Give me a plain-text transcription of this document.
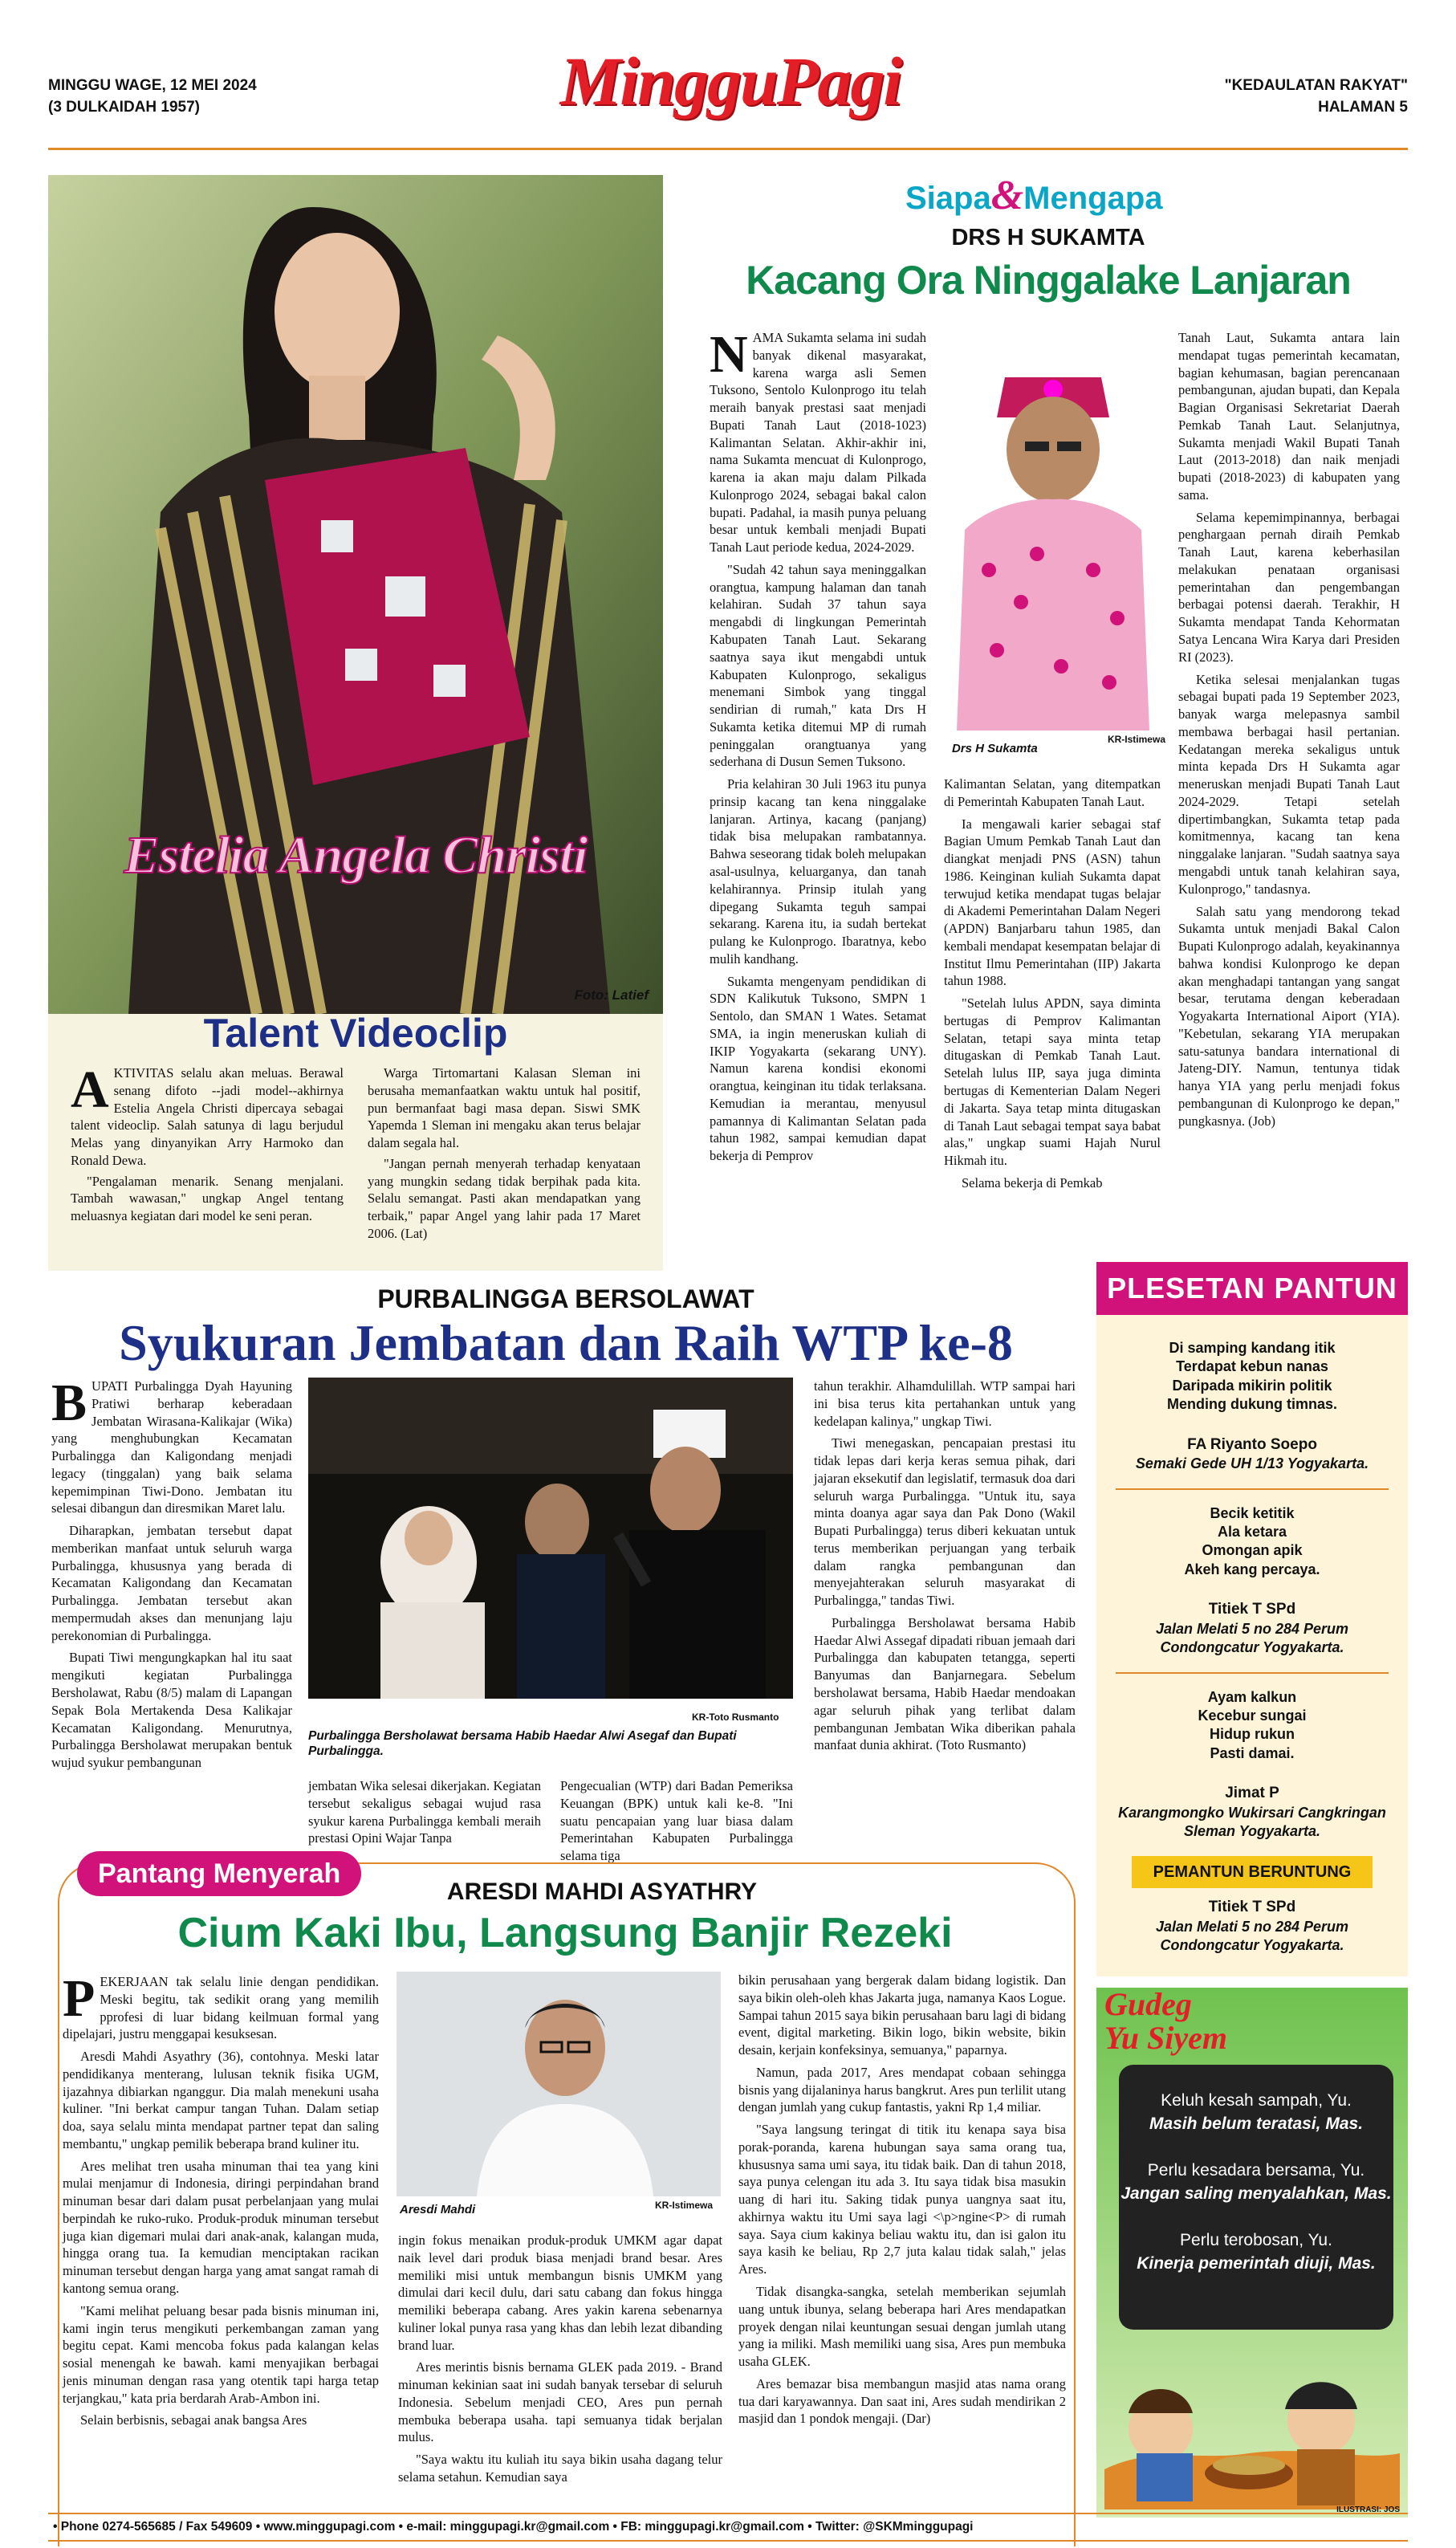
MINGGU WAGE, 12 MEI 2024
(3 DULKAIDAH 1957)	MingguPagi	"KEDAULATAN RAKYAT"
HALAMAN 5
Estelia Angela Christi
Foto: Latief
Talent Videoclip

AKTIVITAS selalu akan meluas. Berawal senang difoto --jadi model--akhirnya Estelia Angela Christi dipercaya sebagai talent videoclip. Salah satunya di lagu berjudul Melas yang dinyanyikan Arry Harmoko dan Ronald Dewa.

"Pengalaman menarik. Senang menjalani. Tambah wawasan," ungkap Angel tentang meluasnya kegiatan dari model ke seni peran.

Warga Tirtomartani Kalasan Sleman ini berusaha memanfaatkan waktu untuk hal positif, pun bermanfaat bagi masa depan. Siswi SMK Yapemda 1 Sleman ini mengaku akan terus belajar dalam segala hal.

"Jangan pernah menyerah terhadap kenyataan yang mungkin sedang tidak berpihak pada kita. Selalu semangat. Pasti akan mendapatkan yang terbaik," papar Angel yang lahir pada 17 Maret 2006. (Lat)

Siapa&Mengapa
DRS H SUKAMTA
Kacang Ora Ninggalake Lanjaran

NAMA Sukamta selama ini sudah banyak dikenal masyarakat, karena warga asli Semen Tuksono, Sentolo Kulonprogo itu telah meraih banyak prestasi saat menjadi Bupati Tanah Laut (2018-1023) Kalimantan Selatan. Akhir-akhir ini, nama Sukamta mencuat di Kulonprogo, karena ia akan maju dalam Pilkada Kulonprogo 2024, sebagai bakal calon bupati. Padahal, ia masih punya peluang besar untuk kembali menjadi Bupati Tanah Laut periode kedua, 2024-2029.

"Sudah 42 tahun saya meninggalkan orangtua, kampung halaman dan tanah kelahiran. Sudah 37 tahun saya mengabdi di lingkungan Pemerintah Kabupaten Tanah Laut. Sekarang saatnya saya ikut mengabdi untuk Kabupaten Kulonprogo, sekaligus menemani Simbok yang tinggal sendirian di rumah," kata Drs H Sukamta ketika ditemui MP di rumah peninggalan orangtuanya yang sederhana di Dusun Semen Tuksono.

Pria kelahiran 30 Juli 1963 itu punya prinsip kacang tan kena ninggalake lanjaran. Artinya, kacang (panjang) tidak bisa melupakan rambatannya. Bahwa seseorang tidak boleh melupakan asal-usulnya, keluarganya, dan tanah kelahirannya. Prinsip itulah yang dipegang Sukamta teguh sampai sekarang. Karena itu, ia sudah bertekat pulang ke Kulonprogo. Ibaratnya, kebo mulih kandhang.

Sukamta mengenyam pendidikan di SDN Kalikutuk Tuksono, SMPN 1 Sentolo, dan SMAN 1 Wates. Setamat SMA, ia ingin meneruskan kuliah di IKIP Yogyakarta (sekarang UNY). Namun karena kondisi ekonomi orangtua, keinginan itu tidak terlaksana. Kemudian ia merantau, menyusul pamannya di Kalimantan Selatan pada tahun 1982, sampai kemudian dapat bekerja di Pemprov

Drs H Sukamta
KR-Istimewa

Kalimantan Selatan, yang ditempatkan di Pemerintah Kabupaten Tanah Laut.

Ia mengawali karier sebagai staf Bagian Umum Pemkab Tanah Laut dan diangkat menjadi PNS (ASN) tahun 1986. Keinginan kuliah Sukamta dapat terwujud ketika mendapat tugas belajar di Akademi Pemerintahan Dalam Negeri (APDN) Banjarbaru tahun 1985, dan kembali mendapat kesempatan belajar di Institut Ilmu Pemerintahan (IIP) Jakarta tahun 1988.

"Setelah lulus APDN, saya diminta bertugas di Pemprov Kalimantan Selatan, tetapi saya minta tetap ditugaskan di Pemkab Tanah Laut. Setelah lulus IIP, saya juga diminta bertugas di Kementerian Dalam Negeri di Jakarta. Saya tetap minta ditugaskan di Tanah Laut sebagai tempat saya babat alas," ungkap suami Hajah Nurul Hikmah itu.

Selama bekerja di Pemkab

Tanah Laut, Sukamta antara lain mendapat tugas pemerintah kecamatan, bagian kehumasan, bagian perencanaan pembangunan, ajudan bupati, dan Kepala Bagian Organisasi Sekretariat Daerah Pemkab Tanah Laut. Selanjutnya, Sukamta menjadi Wakil Bupati Tanah Laut (2013-2018) dan naik menjadi bupati (2018-2023) di kabupaten yang sama.

Selama kepemimpinannya, berbagai penghargaan pernah diraih Pemkab Tanah Laut, karena keberhasilan melakukan penataan organisasi pemerintahan dan pengembangan berbagai potensi daerah. Terakhir, H Sukamta mendapat Tanda Kehormatan Satya Lencana Wira Karya dari Presiden RI (2023).

Ketika selesai menjalankan tugas sebagai bupati pada 19 September 2023, banyak warga melepasnya sambil membawa berbagai hasil pertanian. Kedatangan mereka sekaligus untuk minta kepada Drs H Sukamta agar meneruskan menjadi Bupati Tanah Laut 2024-2029. Tetapi setelah dipertimbangkan, Sukamta tetap pada komitmennya, kacang tan kena ninggalake lanjaran. "Sudah saatnya saya mengabdi untuk tanah kelahiran saya, Kulonprogo," tandasnya.

Salah satu yang mendorong tekad Sukamta untuk menjadi Bakal Calon Bupati Kulonprogo adalah, keyakinannya bahwa kondisi Kulonprogo ke depan akan menghadapi tantangan yang sangat besar, terutama dengan keberadaan Yogyakarta International Aiport (YIA). "Kebetulan, sekarang YIA merupakan satu-satunya bandara international di Jateng-DIY. Namun, tentunya tidak hanya YIA yang perlu menjadi fokus pembangunan di Kulonprogo ke depan," pungkasnya. (Job)

PURBALINGGA BERSOLAWAT
Syukuran Jembatan dan Raih WTP ke-8

BUPATI Purbalingga Dyah Hayuning Pratiwi berharap keberadaan Jembatan Wirasana-Kalikajar (Wika) yang menghubungkan Kecamatan Purbalingga dan Kaligondang menjadi legacy (tinggalan) yang baik selama kepemimpinan Tiwi-Dono. Jembatan itu selesai dibangun dan diresmikan Maret lalu.

Diharapkan, jembatan tersebut dapat memberikan manfaat untuk seluruh warga Purbalingga, khususnya yang berada di Kecamatan Kaligondang dan Kecamatan Purbalingga. Jembatan tersebut akan mempermudah akses dan menunjang laju perekonomian di Purbalingga.

Bupati Tiwi mengungkapkan hal itu saat mengikuti kegiatan Purbalingga Bersholawat, Rabu (8/5) malam di Lapangan Sepak Bola Mertakenda Desa Kalikajar Kecamatan Kaligondang. Menurutnya, Purbalingga Bersholawat merupakan bentuk wujud syukur pembangunan

Purbalingga Bersholawat bersama Habib Haedar Alwi Asegaf dan Bupati Purbalingga.
KR-Toto Rusmanto

jembatan Wika selesai dikerjakan. Kegiatan tersebut sekaligus sebagai wujud rasa syukur karena Purbalingga kembali meraih prestasi Opini Wajar Tanpa

Pengecualian (WTP) dari Badan Pemeriksa Keuangan (BPK) untuk kali ke-8. "Ini suatu pencapaian yang luar biasa dalam Pemerintahan Kabupaten Purbalingga selama tiga

tahun terakhir. Alhamdulillah. WTP sampai hari ini bisa terus kita pertahankan untuk yang kedelapan kalinya," ungkap Tiwi.

Tiwi menegaskan, pencapaian prestasi itu tidak lepas dari kerja keras semua pihak, dari jajaran eksekutif dan legislatif, termasuk doa dari seluruh warga Purbalingga. "Untuk itu, saya minta doanya agar saya dan Pak Dono (Wakil Bupati Purbalingga) terus diberi kekuatan untuk terus memberikan perjuangan yang terbaik dalam rangka pembangunan dan menyejahterakan seluruh masyarakat di Purbalingga," tandas Tiwi.

Purbalingga Bersholawat bersama Habib Haedar Alwi Assegaf dipadati ribuan jemaah dari Purbalingga dan kabupaten tetangga, seperti Banyumas dan Banjarnegara. Sebelum bersholawat bersama, Habib Haedar mendoakan agar seluruh pihak yang terlibat dalam pembangunan Jembatan Wika diberikan pahala manfaat dunia akhirat. (Toto Rusmanto)

PLESETAN PANTUN
Di samping kandang itik
Terdapat kebun nanas
Daripada mikirin politik
Mending dukung timnas.
FA Riyanto Soepo
Semaki Gede UH 1/13 Yogyakarta.
Becik ketitik
Ala ketara
Omongan apik
Akeh kang percaya.
Titiek T SPd
Jalan Melati 5 no 284 Perum Condongcatur Yogyakarta.
Ayam kalkun
Kecebur sungai
Hidup rukun
Pasti damai.
Jimat P
Karangmongko Wukirsari Cangkringan Sleman Yogyakarta.
PEMANTUN BERUNTUNG
Titiek T SPd
Jalan Melati 5 no 284 Perum Condongcatur Yogyakarta.
Pantang Menyerah
ARESDI MAHDI ASYATHRY
Cium Kaki Ibu, Langsung Banjir Rezeki

PEKERJAAN tak selalu linie dengan pendidikan. Meski begitu, tak sedikit orang yang memilih pprofesi di luar bidang keilmuan formal yang dipelajari, justru menggapai kesuksesan.

Aresdi Mahdi Asyathry (36), contohnya. Meski latar pendidikanya menterang, lulusan teknik fisika UGM, ijazahnya dibiarkan nganggur. Dia malah menekuni usaha kuliner. "Ini berkat campur tangan Tuhan. Dalam setiap doa, saya selalu minta mendapat partner tepat dan saling membantu," ungkap pemilik beberapa brand kuliner itu.

Ares melihat tren usaha minuman thai tea yang kini mulai menjamur di Indonesia, diringi perpindahan brand minuman besar dari dalam pusat perbelanjaan yang mulai berpindah ke ruko-ruko. Produk-produk minuman tersebut juga kian digemari mulai dari anak-anak, kalangan muda, hingga orang tua. Ia kemudian menciptakan racikan minuman tersebut dengan harga yang amat sangat ramah di kantong semua orang.

"Kami melihat peluang besar pada bisnis minuman ini, kami ingin terus mengikuti perkembangan zaman yang begitu cepat. Kami mencoba fokus pada kalangan kelas sosial menengah ke bawah. kami menyajikan berbagai jenis minuman dengan rasa yang otentik tapi harga tetap terjangkau," kata pria berdarah Arab-Ambon ini.

Selain berbisnis, sebagai anak bangsa Ares

Aresdi Mahdi	KR-Istimewa

ingin fokus menaikan produk-produk UMKM agar dapat naik level dari produk biasa menjadi brand besar. Ares memiliki misi untuk membangun bisnis UMKM yang dimulai dari kecil dulu, dari satu cabang dan fokus hingga memiliki beberapa cabang. Ares yakin karena sebenarnya kuliner lokal punya rasa yang khas dan lebih lezat dibanding brand luar.

Ares merintis bisnis bernama GLEK pada 2019. - Brand minuman kekinian saat ini sudah banyak tersebar di seluruh Indonesia. Sebelum menjadi CEO, Ares pun pernah membuka beberapa usaha. tapi semuanya tidak berjalan mulus.

"Saya waktu itu kuliah itu saya bikin usaha dagang telur selama setahun. Kemudian saya

bikin perusahaan yang bergerak dalam bidang logistik. Dan saya bikin oleh-oleh khas Jakarta juga, namanya Kaos Logue. Sampai tahun 2015 saya bikin perusahaan baru lagi di bidang event, digital marketing. Bikin logo, bikin website, bikin desain, kerjain konfeksinya, semuanya," paparnya.

Namun, pada 2017, Ares mendapat cobaan sehingga bisnis yang dijalaninya harus bangkrut. Ares pun terlilit utang dengan jumlah yang cukup fantastis, yakni Rp 1,4 miliar.

"Saya langsung teringat di titik itu kenapa saya bisa porak-poranda, karena hubungan saya sama orang tua, khususnya sama umi saya, itu tidak baik. Dan di tahun 2018, saya punya celengan itu ada 3. Itu saya tidak bisa masukin uang di hari itu. Saking tidak punya uangnya saat itu, akhirnya waktu itu Umi saya lagi <\p>ngine<P> di rumah saya. Saya cium kakinya beliau waktu itu, dan isi galon itu saya kasih ke beliau, Rp 2,7 juta kalau tidak salah," jelas Ares.

Tidak disangka-sangka, setelah memberikan sejumlah uang untuk ibunya, selang beberapa hari Ares mendapatkan proyek dengan nilai keuntungan sesuai dengan jumlah utang yang ia miliki. Mash memiliki uang sisa, Ares pun membuka usaha GLEK.

Ares bemazar bisa membangun masjid atas nama orang tua dari karyawannya. Dan saat ini, Ares sudah mendirikan 2 masjid dan 1 pondok mengaji. (Dar)

Gudeg
Yu Siyem
Keluh kesah sampah, Yu.
Masih belum teratasi, Mas.
Perlu kesadara bersama, Yu.
Jangan saling menyalahkan, Mas.
Perlu terobosan, Yu.
Kinerja pemerintah diuji, Mas.
ILUSTRASI: JOS
• Phone 0274-565685 / Fax 549609 • www.minggupagi.com • e-mail: minggupagi.kr@gmail.com • FB: minggupagi.kr@gmail.com • Twitter: @SKMminggupagi
